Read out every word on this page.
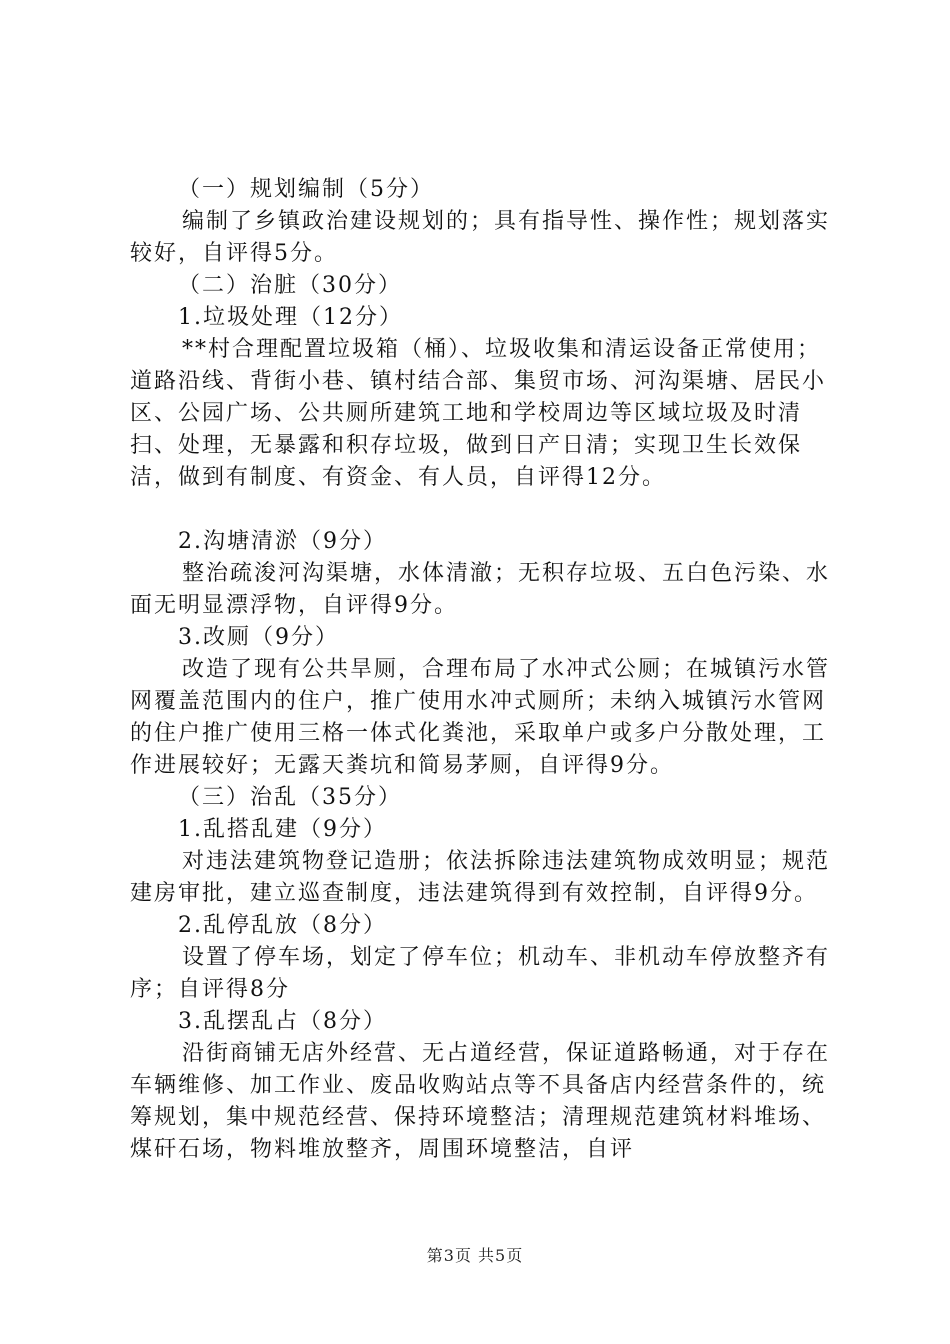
（一）规划编制（5分）

编制了乡镇政治建设规划的；具有指导性、操作性；规划落实较好，自评得5分。

（二）治脏（30分）

1.垃圾处理（12分）

**村合理配置垃圾箱（桶）、垃圾收集和清运设备正常使用；道路沿线、背街小巷、镇村结合部、集贸市场、河沟渠塘、居民小区、公园广场、公共厕所建筑工地和学校周边等区域垃圾及时清扫、处理，无暴露和积存垃圾，做到日产日清；实现卫生长效保洁，做到有制度、有资金、有人员，自评得12分。

2.沟塘清淤（9分）

整治疏浚河沟渠塘，水体清澈；无积存垃圾、五白色污染、水面无明显漂浮物，自评得9分。

3.改厕（9分）

改造了现有公共旱厕，合理布局了水冲式公厕；在城镇污水管网覆盖范围内的住户，推广使用水冲式厕所；未纳入城镇污水管网的住户推广使用三格一体式化粪池，采取单户或多户分散处理，工作进展较好；无露天粪坑和简易茅厕，自评得9分。

（三）治乱（35分）

1.乱搭乱建（9分）

对违法建筑物登记造册；依法拆除违法建筑物成效明显；规范建房审批，建立巡查制度，违法建筑得到有效控制，自评得9分。

2.乱停乱放（8分）

设置了停车场，划定了停车位；机动车、非机动车停放整齐有序；自评得8分

3.乱摆乱占（8分）

沿街商铺无店外经营、无占道经营，保证道路畅通，对于存在车辆维修、加工作业、废品收购站点等不具备店内经营条件的，统筹规划，集中规范经营、保持环境整洁；清理规范建筑材料堆场、煤矸石场，物料堆放整齐，周围环境整洁，自评

第3页 共5页
